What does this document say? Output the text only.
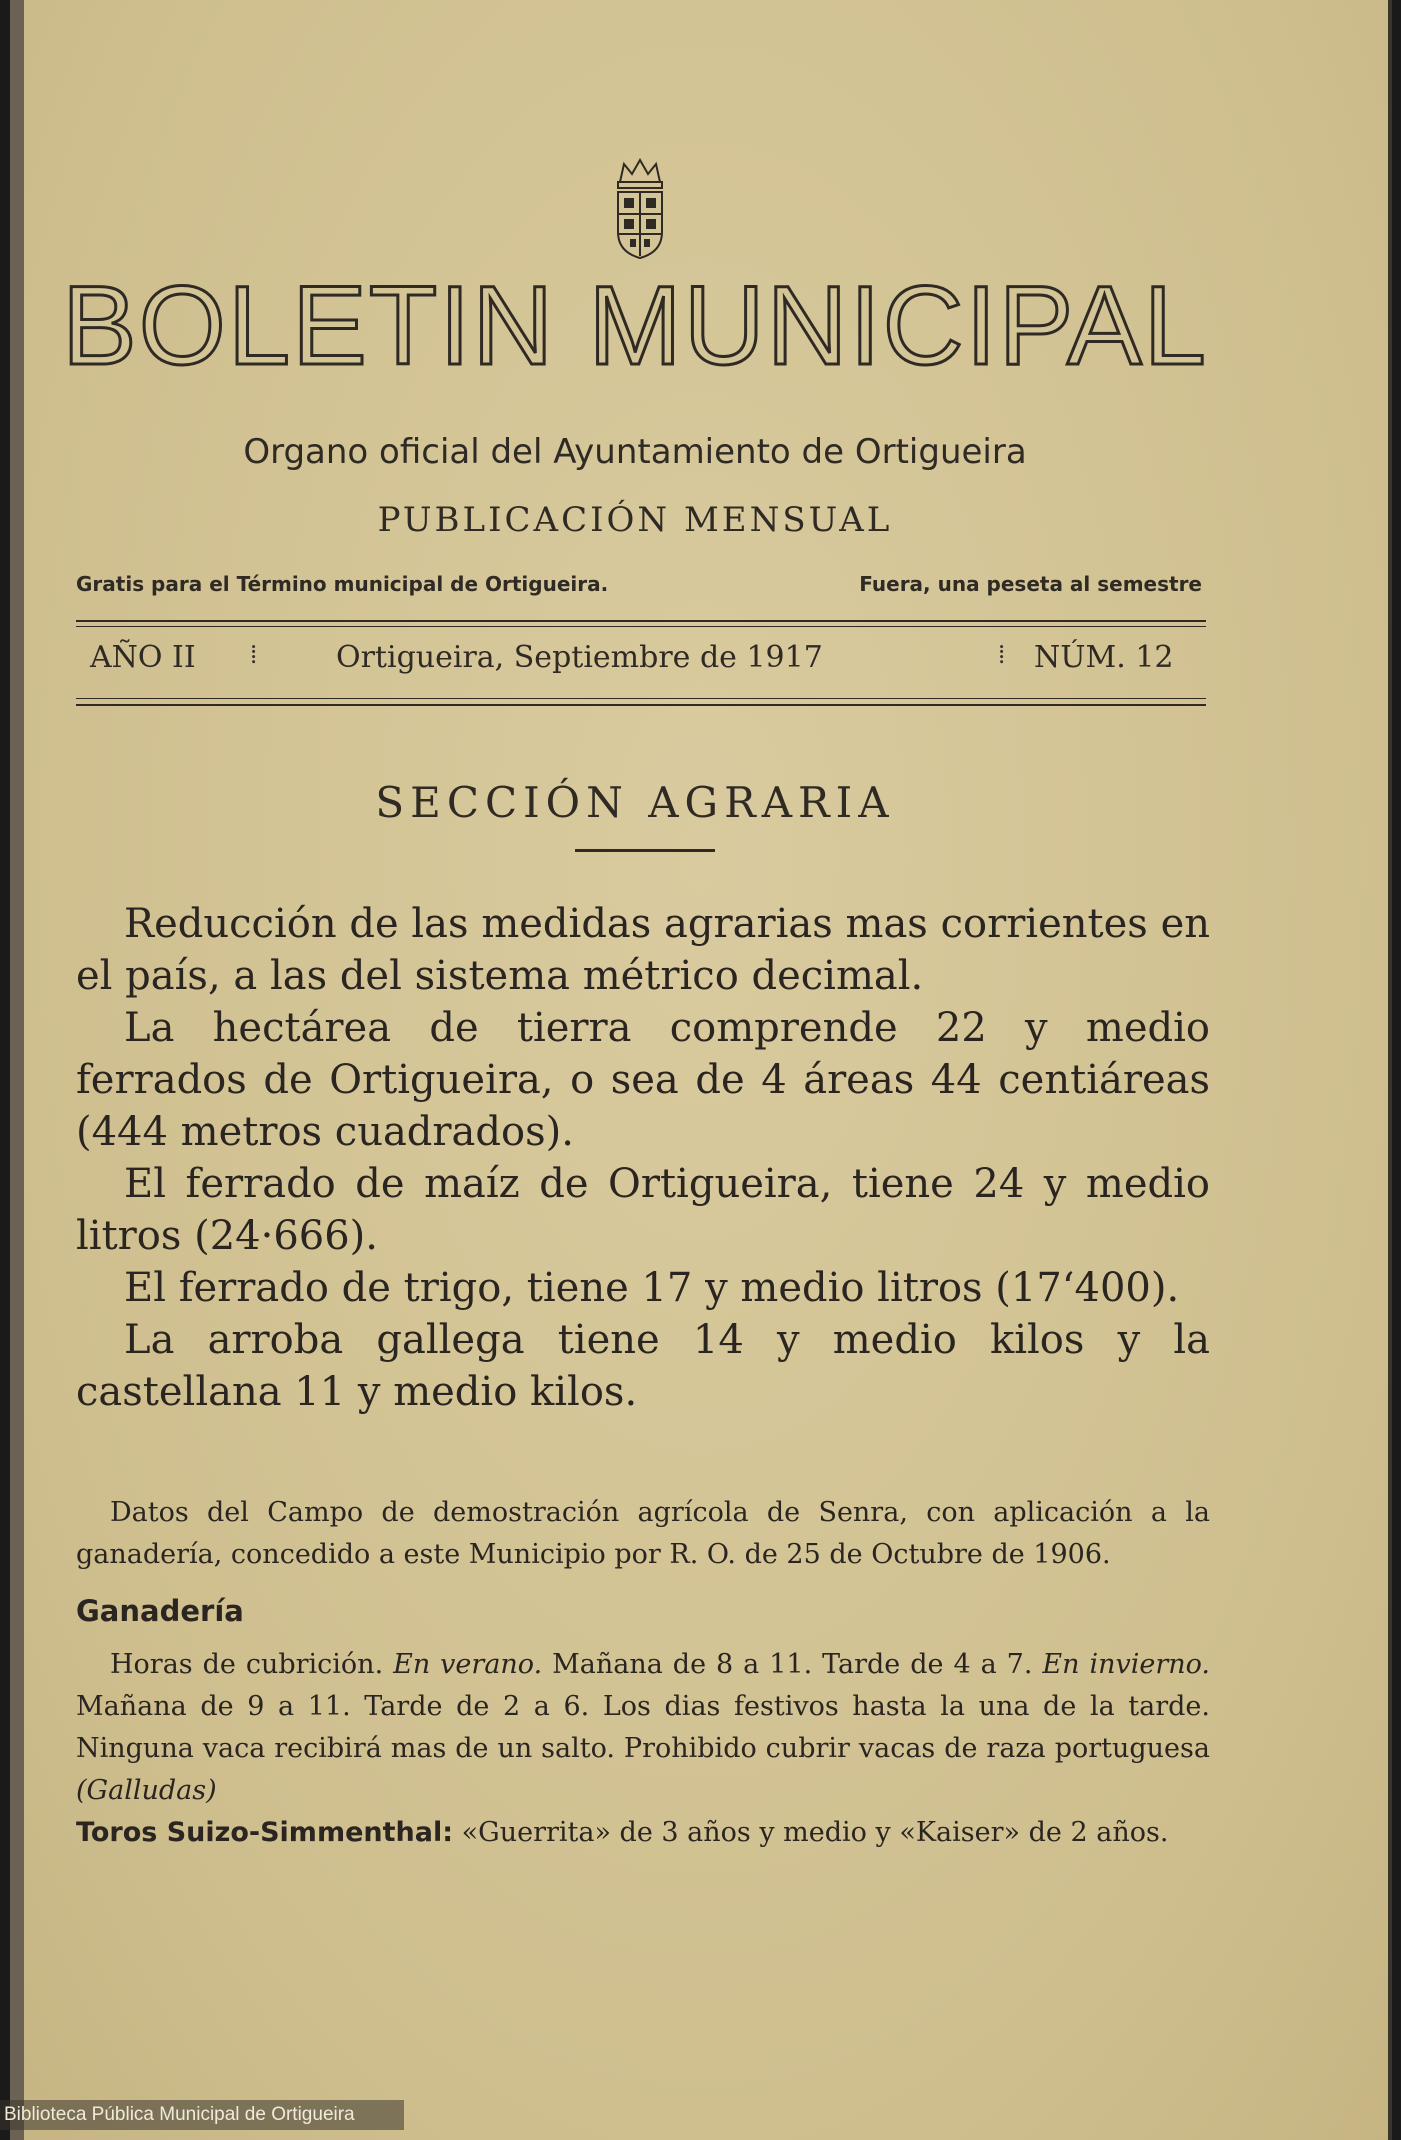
BOLETIN MUNICIPAL
Organo oficial del Ayuntamiento de Ortigueira
PUBLICACIÓN MENSUAL
Gratis para el Término municipal de Ortigueira.	Fuera, una peseta al semestre
AÑO II ⁞	Ortigueira, Septiembre de 1917	⁞ NÚM. 12
SECCIÓN AGRARIA

Reducción de las medidas agrarias mas corrientes en el país, a las del sistema métrico decimal.

La hectárea de tierra comprende 22 y medio ferrados de Ortigueira, o sea de 4 áreas 44 centiáreas (444 metros cuadrados).

El ferrado de maíz de Ortigueira, tiene 24 y medio litros (24·666).

El ferrado de trigo, tiene 17 y medio litros (17‘400).

La arroba gallega tiene 14 y medio kilos y la castellana 11 y medio kilos.

Datos del Campo de demostración agrícola de Senra, con aplicación a la ganadería, concedido a este Municipio por R. O. de 25 de Octubre de 1906.

Ganadería

Horas de cubrición. En verano. Mañana de 8 a 11. Tarde de 4 a 7. En invierno. Mañana de 9 a 11. Tarde de 2 a 6. Los dias festivos hasta la una de la tarde. Ninguna vaca recibirá mas de un salto. Prohibido cubrir vacas de raza portuguesa (Galludas)

Toros Suizo-Simmenthal: «Guerrita» de 3 años y medio y «Kaiser» de 2 años.

Biblioteca Pública Municipal de Ortigueira
